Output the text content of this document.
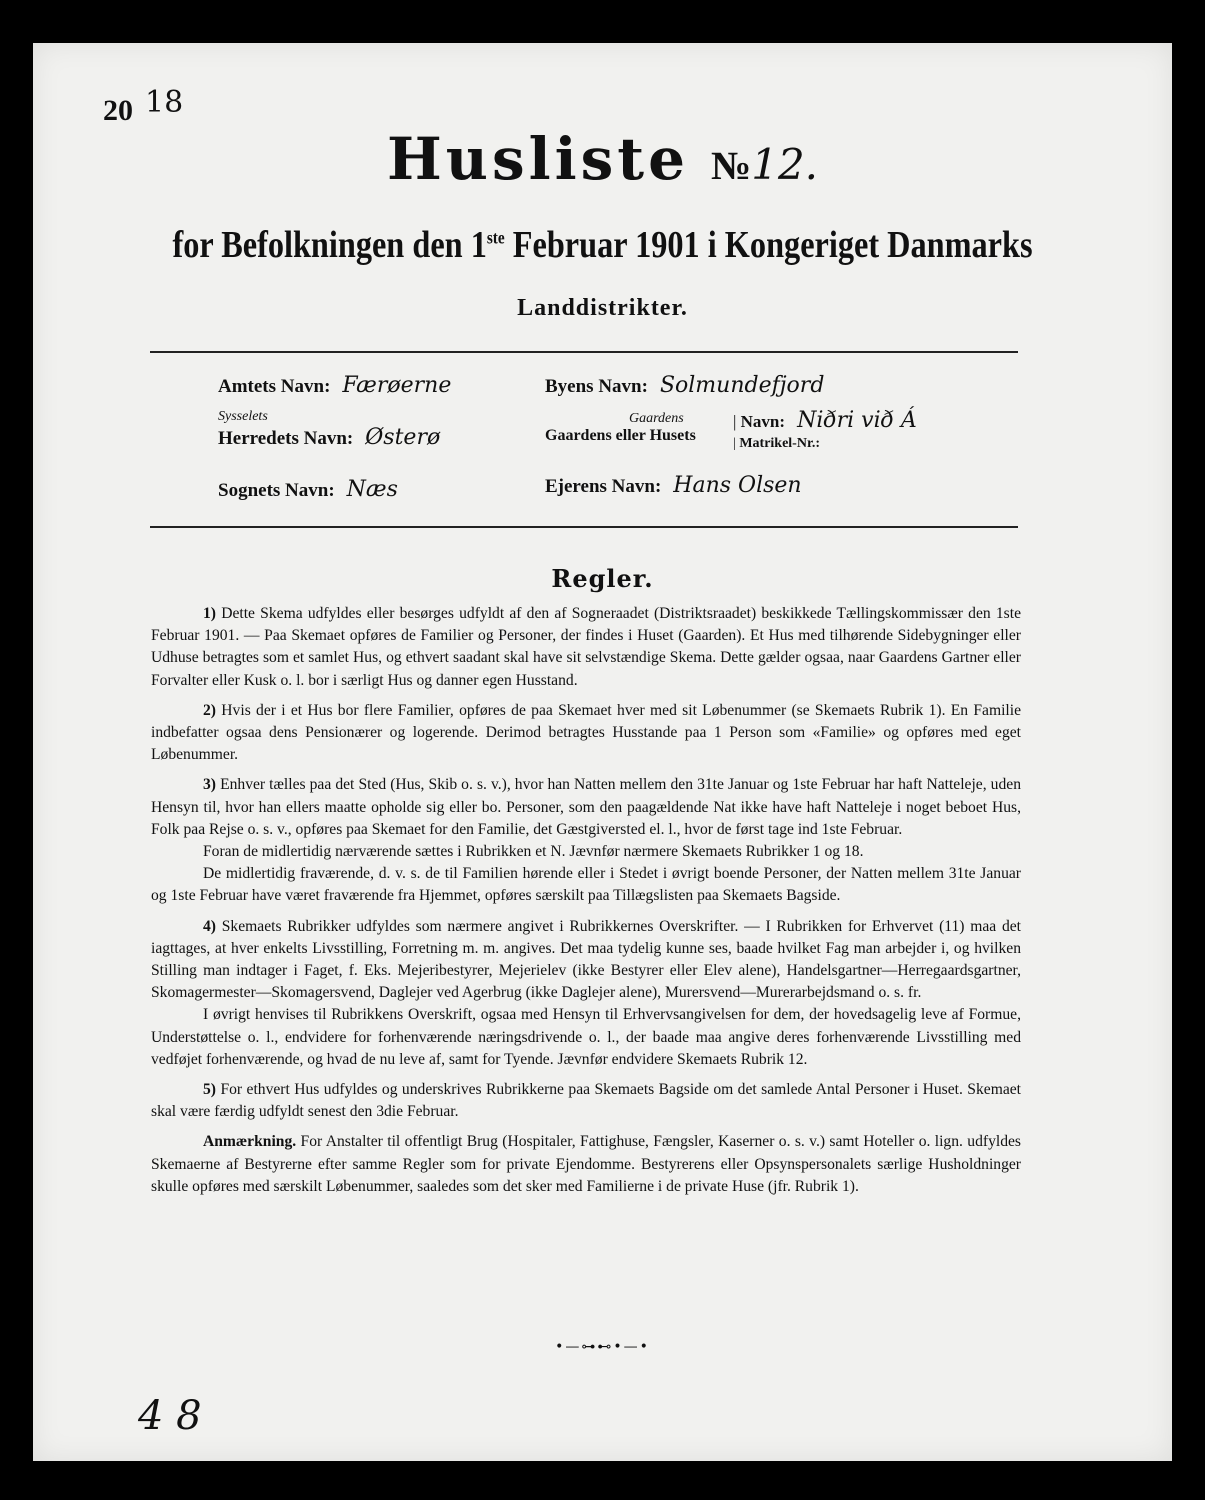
20 18
Husliste №12.
for Befolkningen den 1ste Februar 1901 i Kongeriget Danmarks
Landdistrikter.
Amtets Navn: Færøerne
Sysselets
Herredets Navn: Østerø
Sognets Navn: Næs
Byens Navn: Solmundefjord
Gaardens
Gaardens eller Husets
| Navn: Niðri við Á
| Matrikel-Nr.:
Ejerens Navn: Hans Olsen
Regler.

1) Dette Skema udfyldes eller besørges udfyldt af den af Sogneraadet (Distriktsraadet) beskikkede Tællingskommissær den 1ste Februar 1901. — Paa Skemaet opføres de Familier og Personer, der findes i Huset (Gaarden). Et Hus med tilhørende Sidebygninger eller Udhuse betragtes som et samlet Hus, og ethvert saadant skal have sit selvstændige Skema. Dette gælder ogsaa, naar Gaardens Gartner eller Forvalter eller Kusk o. l. bor i særligt Hus og danner egen Husstand.

2) Hvis der i et Hus bor flere Familier, opføres de paa Skemaet hver med sit Løbenummer (se Skemaets Rubrik 1). En Familie indbefatter ogsaa dens Pensionærer og logerende. Derimod betragtes Husstande paa 1 Person som «Familie» og opføres med eget Løbenummer.

3) Enhver tælles paa det Sted (Hus, Skib o. s. v.), hvor han Natten mellem den 31te Januar og 1ste Februar har haft Natteleje, uden Hensyn til, hvor han ellers maatte opholde sig eller bo. Personer, som den paagældende Nat ikke have haft Natteleje i noget beboet Hus, Folk paa Rejse o. s. v., opføres paa Skemaet for den Familie, det Gæstgiversted el. l., hvor de først tage ind 1ste Februar.

Foran de midlertidig nærværende sættes i Rubrikken et N. Jævnfør nærmere Skemaets Rubrikker 1 og 18.

De midlertidig fraværende, d. v. s. de til Familien hørende eller i Stedet i øvrigt boende Personer, der Natten mellem 31te Januar og 1ste Februar have været fraværende fra Hjemmet, opføres særskilt paa Tillægslisten paa Skemaets Bagside.

4) Skemaets Rubrikker udfyldes som nærmere angivet i Rubrikkernes Overskrifter. — I Rubrikken for Erhvervet (11) maa det iagttages, at hver enkelts Livsstilling, Forretning m. m. angives. Det maa tydelig kunne ses, baade hvilket Fag man arbejder i, og hvilken Stilling man indtager i Faget, f. Eks. Mejeribestyrer, Mejerielev (ikke Bestyrer eller Elev alene), Handelsgartner—Herregaardsgartner, Skomagermester—Skomagersvend, Daglejer ved Agerbrug (ikke Daglejer alene), Murersvend—Murerarbejdsmand o. s. fr.

I øvrigt henvises til Rubrikkens Overskrift, ogsaa med Hensyn til Erhvervsangivelsen for dem, der hovedsagelig leve af Formue, Understøttelse o. l., endvidere for forhenværende næringsdrivende o. l., der baade maa angive deres forhenværende Livsstilling med vedføjet forhenværende, og hvad de nu leve af, samt for Tyende. Jævnfør endvidere Skemaets Rubrik 12.

5) For ethvert Hus udfyldes og underskrives Rubrikkerne paa Skemaets Bagside om det samlede Antal Personer i Huset. Skemaet skal være færdig udfyldt senest den 3die Februar.

Anmærkning. For Anstalter til offentligt Brug (Hospitaler, Fattighuse, Fængsler, Kaserner o. s. v.) samt Hoteller o. lign. udfyldes Skemaerne af Bestyrerne efter samme Regler som for private Ejendomme. Bestyrerens eller Opsynspersonalets særlige Husholdninger skulle opføres med særskilt Løbenummer, saaledes som det sker med Familierne i de private Huse (jfr. Rubrik 1).

•—⊶⊷•—•
4 8
